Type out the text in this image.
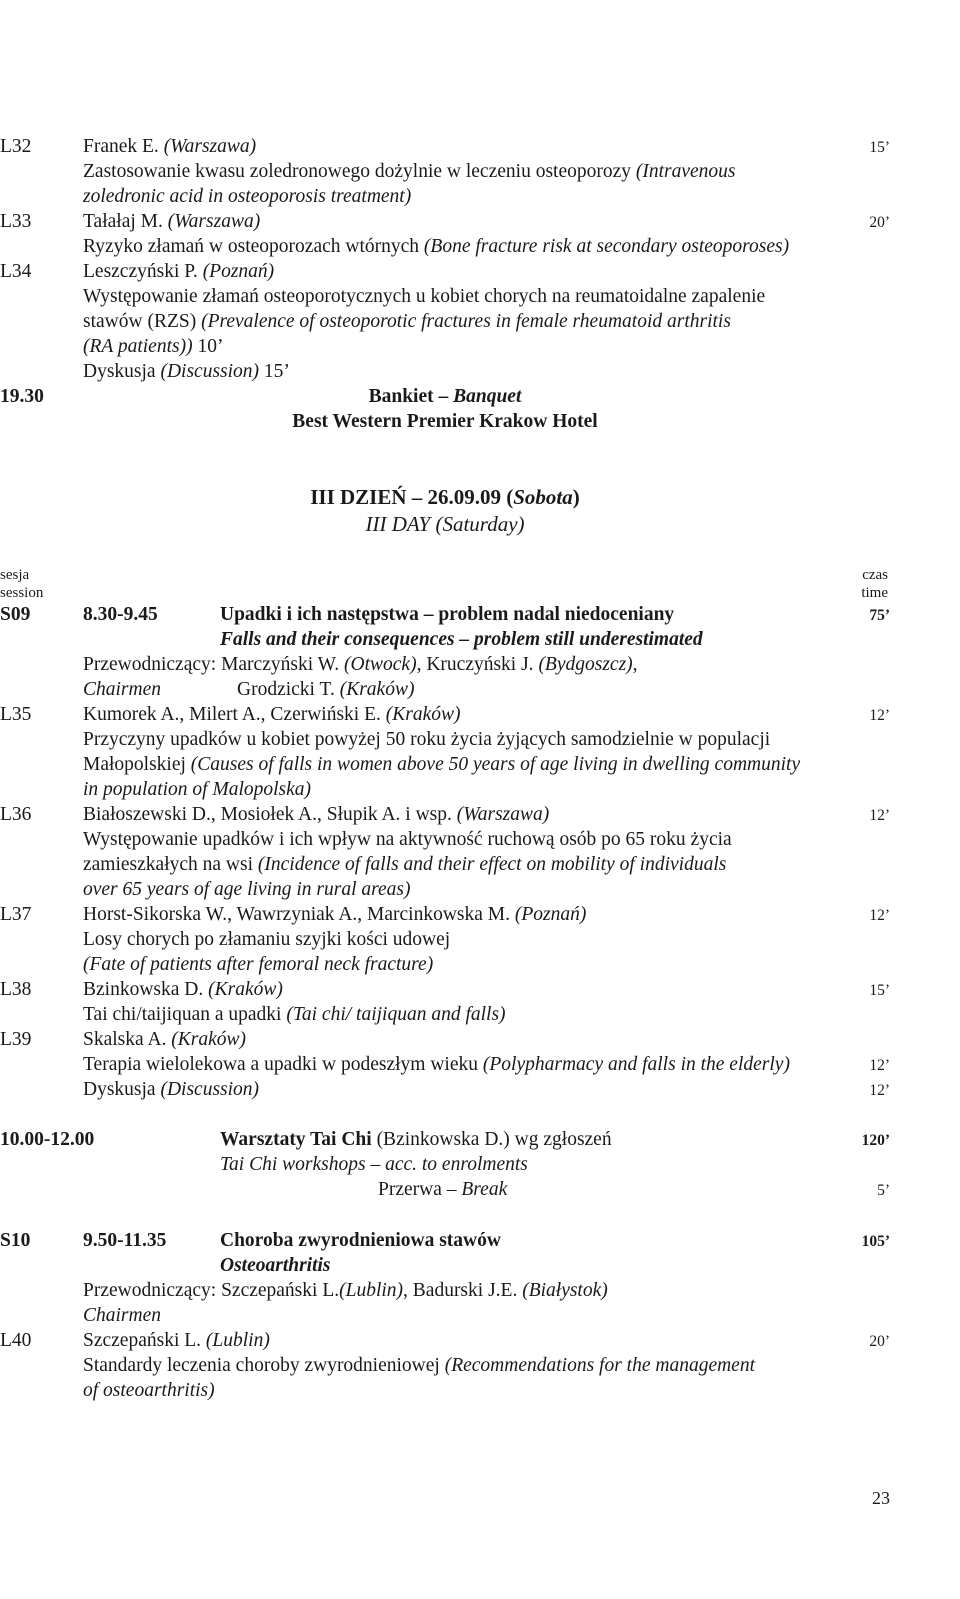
L32	Franek E. (Warszawa)	15’
Zastosowanie kwasu zoledronowego dożylnie w leczeniu osteoporozy (Intravenous
zoledronic acid in osteoporosis treatment)
L33	Tałałaj M. (Warszawa)	20’
Ryzyko złamań w osteoporozach wtórnych (Bone fracture risk at secondary osteoporoses)
L34	Leszczyński P. (Poznań)
Występowanie złamań osteoporotycznych u kobiet chorych na reumatoidalne zapalenie
stawów (RZS) (Prevalence of osteoporotic fractures in female rheumatoid arthritis
(RA patients)) 10’
Dyskusja (Discussion) 15’
19.30	Bankiet – Banquet
Best Western Premier Krakow Hotel
III DZIEŃ – 26.09.09 (Sobota)
III DAY (Saturday)
sesja
session
czas
time
S09	8.30-9.45	Upadki i ich następstwa – problem nadal niedoceniany	75’
Falls and their consequences – problem still underestimated
Przewodniczący: Marczyński W. (Otwock), Kruczyński J. (Bydgoszcz),
Chairmen	Grodzicki T. (Kraków)
L35	Kumorek A., Milert A., Czerwiński E. (Kraków)	12’
Przyczyny upadków u kobiet powyżej 50 roku życia żyjących samodzielnie w populacji
Małopolskiej (Causes of falls in women above 50 years of age living in dwelling community
in population of Malopolska)
L36	Białoszewski D., Mosiołek A., Słupik A. i wsp. (Warszawa)	12’
Występowanie upadków i ich wpływ na aktywność ruchową osób po 65 roku życia
zamieszkałych na wsi (Incidence of falls and their effect on mobility of individuals
over 65 years of age living in rural areas)
L37	Horst-Sikorska W., Wawrzyniak A., Marcinkowska M. (Poznań)	12’
Losy chorych po złamaniu szyjki kości udowej
(Fate of patients after femoral neck fracture)
L38	Bzinkowska D. (Kraków)	15’
Tai chi/taijiquan a upadki (Tai chi/ taijiquan and falls)
L39	Skalska A. (Kraków)
Terapia wielolekowa a upadki w podeszłym wieku (Polypharmacy and falls in the elderly)	12’
Dyskusja (Discussion)	12’
10.00-12.00	Warsztaty Tai Chi (Bzinkowska D.) wg zgłoszeń	120’
Tai Chi workshops – acc. to enrolments
Przerwa – Break	5’
S10	9.50-11.35	Choroba zwyrodnieniowa stawów	105’
Osteoarthritis
Przewodniczący: Szczepański L.(Lublin), Badurski J.E. (Białystok)
Chairmen
L40	Szczepański L. (Lublin)	20’
Standardy leczenia choroby zwyrodnieniowej (Recommendations for the management
of osteoarthritis)
23
